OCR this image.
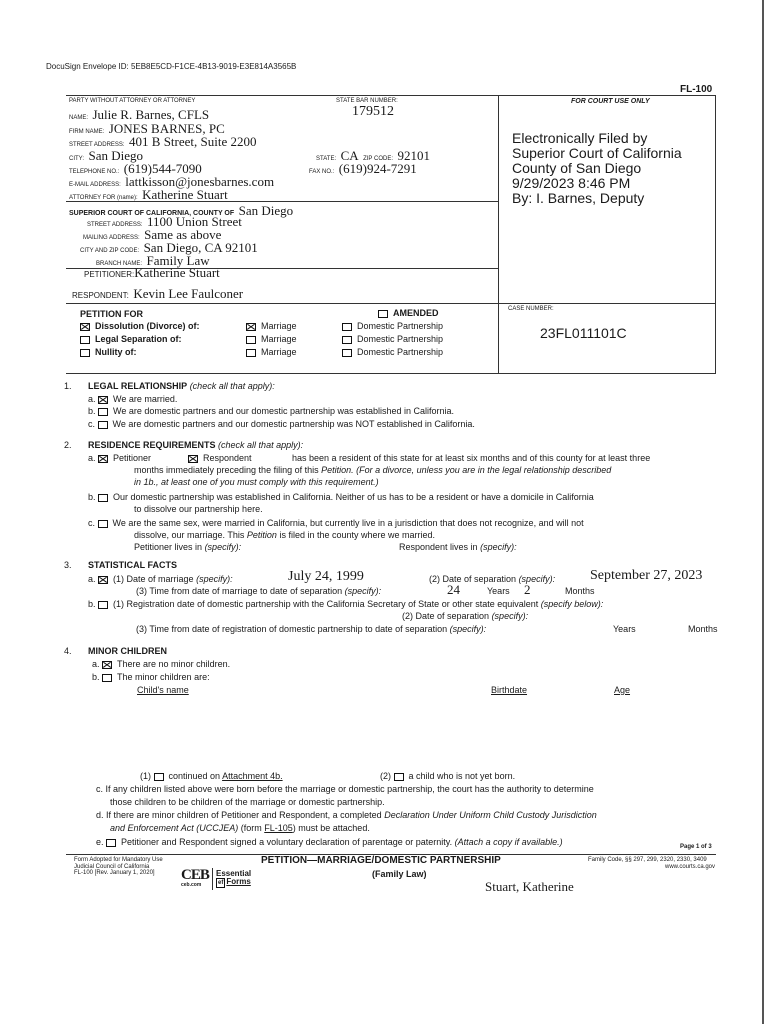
DocuSign Envelope ID: 5EB8E5CD-F1CE-4B13-9019-E3E814A3565B
FL-100
PARTY WITHOUT ATTORNEY OR ATTORNEY	STATE BAR NUMBER:
179512
NAME: Julie R. Barnes, CFLS
FIRM NAME: JONES BARNES, PC
STREET ADDRESS: 401 B Street, Suite 2200
CITY: San Diego	STATE: CA ZIP CODE: 92101
TELEPHONE NO.: (619)544-7090	FAX NO.: (619)924-7291
E-MAIL ADDRESS: lattkisson@jonesbarnes.com
ATTORNEY FOR (name): Katherine Stuart
SUPERIOR COURT OF CALIFORNIA, COUNTY OF San Diego
STREET ADDRESS: 1100 Union Street
MAILING ADDRESS: Same as above
CITY AND ZIP CODE: San Diego, CA 92101
BRANCH NAME: Family Law
PETITIONER:Katherine Stuart
RESPONDENT: Kevin Lee Faulconer
FOR COURT USE ONLY
Electronically Filed by
Superior Court of California
County of San Diego
9/29/2023 8:46 PM
By: I. Barnes, Deputy
CASE NUMBER:
23FL011101C
PETITION FOR	AMENDED
Dissolution (Divorce) of:	Marriage	Domestic Partnership
Legal Separation of:	Marriage	Domestic Partnership
Nullity of:	Marriage	Domestic Partnership
1. LEGAL RELATIONSHIP (check all that apply):
a. We are married.
b. We are domestic partners and our domestic partnership was established in California.
c. We are domestic partners and our domestic partnership was NOT established in California.
2. RESIDENCE REQUIREMENTS (check all that apply):
a. Petitioner	Respondent	has been a resident of this state for at least six months and of this county for at least three
months immediately preceding the filing of this Petition. (For a divorce, unless you are in the legal relationship described
in 1b., at least one of you must comply with this requirement.)
b. Our domestic partnership was established in California. Neither of us has to be a resident or have a domicile in California
to dissolve our partnership here.
c. We are the same sex, were married in California, but currently live in a jurisdiction that does not recognize, and will not
dissolve, our marriage. This Petition is filed in the county where we married.
Petitioner lives in (specify):	Respondent lives in (specify):
3. STATISTICAL FACTS
a. (1) Date of marriage (specify):	July 24, 1999	(2) Date of separation (specify): September 27, 2023
(3) Time from date of marriage to date of separation (specify):	24	Years 2	Months
b. (1) Registration date of domestic partnership with the California Secretary of State or other state equivalent (specify below):
(2) Date of separation (specify):
(3) Time from date of registration of domestic partnership to date of separation (specify):	Years	Months
4. MINOR CHILDREN
a. There are no minor children.
b. The minor children are:
Child's name	Birthdate	Age
(1) continued on Attachment 4b.	(2) a child who is not yet born.
c. If any children listed above were born before the marriage or domestic partnership, the court has the authority to determine
those children to be children of the marriage or domestic partnership.
d. If there are minor children of Petitioner and Respondent, a completed Declaration Under Uniform Child Custody Jurisdiction
and Enforcement Act (UCCJEA) (form FL-105) must be attached.
e. Petitioner and Respondent signed a voluntary declaration of parentage or paternity. (Attach a copy if available.)	Page 1 of 3
Form Adopted for Mandatory Use
Judicial Council of California
FL-100 [Rev. January 1, 2020]	CEB
ceb.com
Essential
ef Forms
PETITION—MARRIAGE/DOMESTIC PARTNERSHIP
(Family Law)
Family Code, §§ 297, 299, 2320, 2330, 3409
www.courts.ca.gov
Stuart, Katherine
